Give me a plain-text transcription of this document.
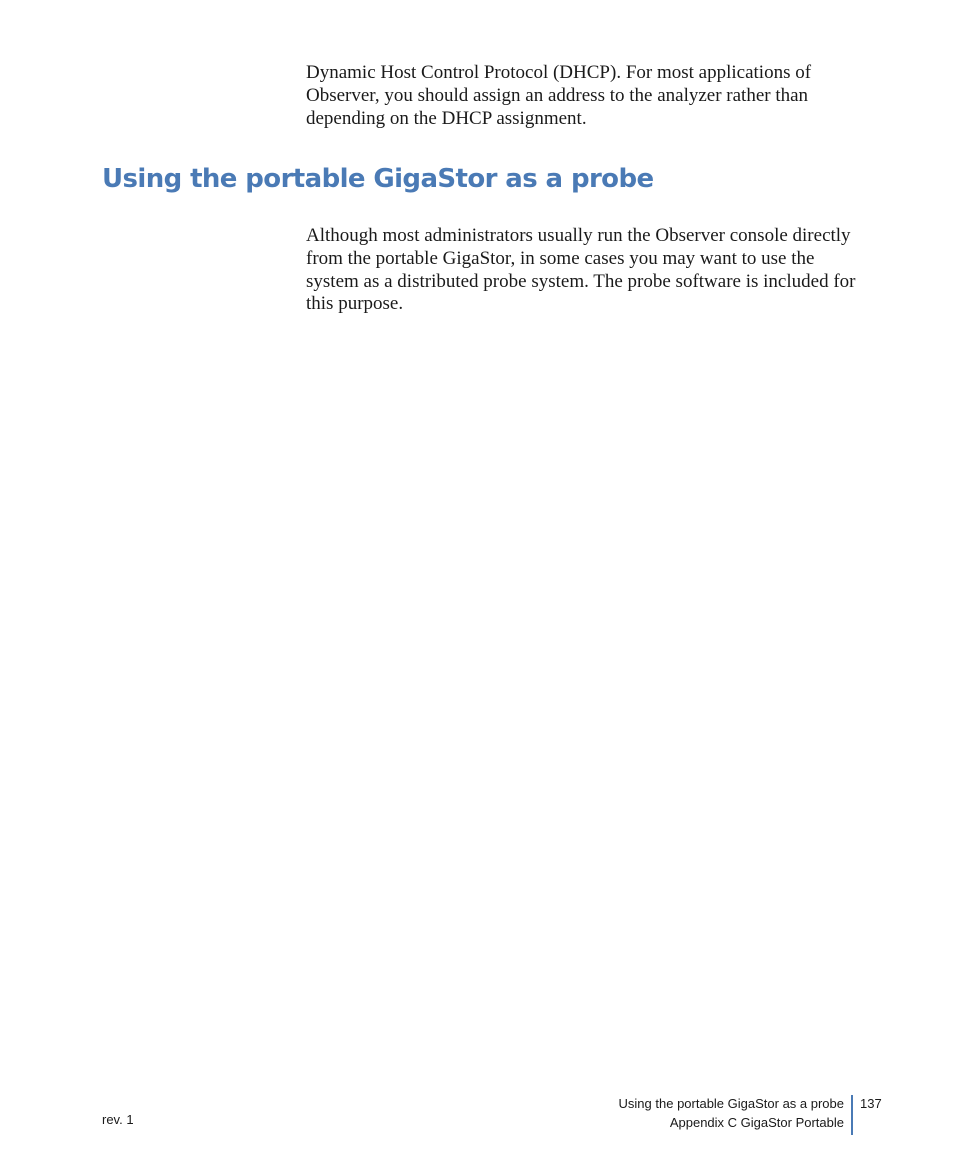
Dynamic Host Control Protocol (DHCP). For most applications of Observer, you should assign an address to the analyzer rather than depending on the DHCP assignment.

Using the portable GigaStor as a probe

Although most administrators usually run the Observer console directly from the portable GigaStor, in some cases you may want to use the system as a distributed probe system. The probe software is included for this purpose.

rev. 1
Using the portable GigaStor as a probe
Appendix C GigaStor Portable
137
